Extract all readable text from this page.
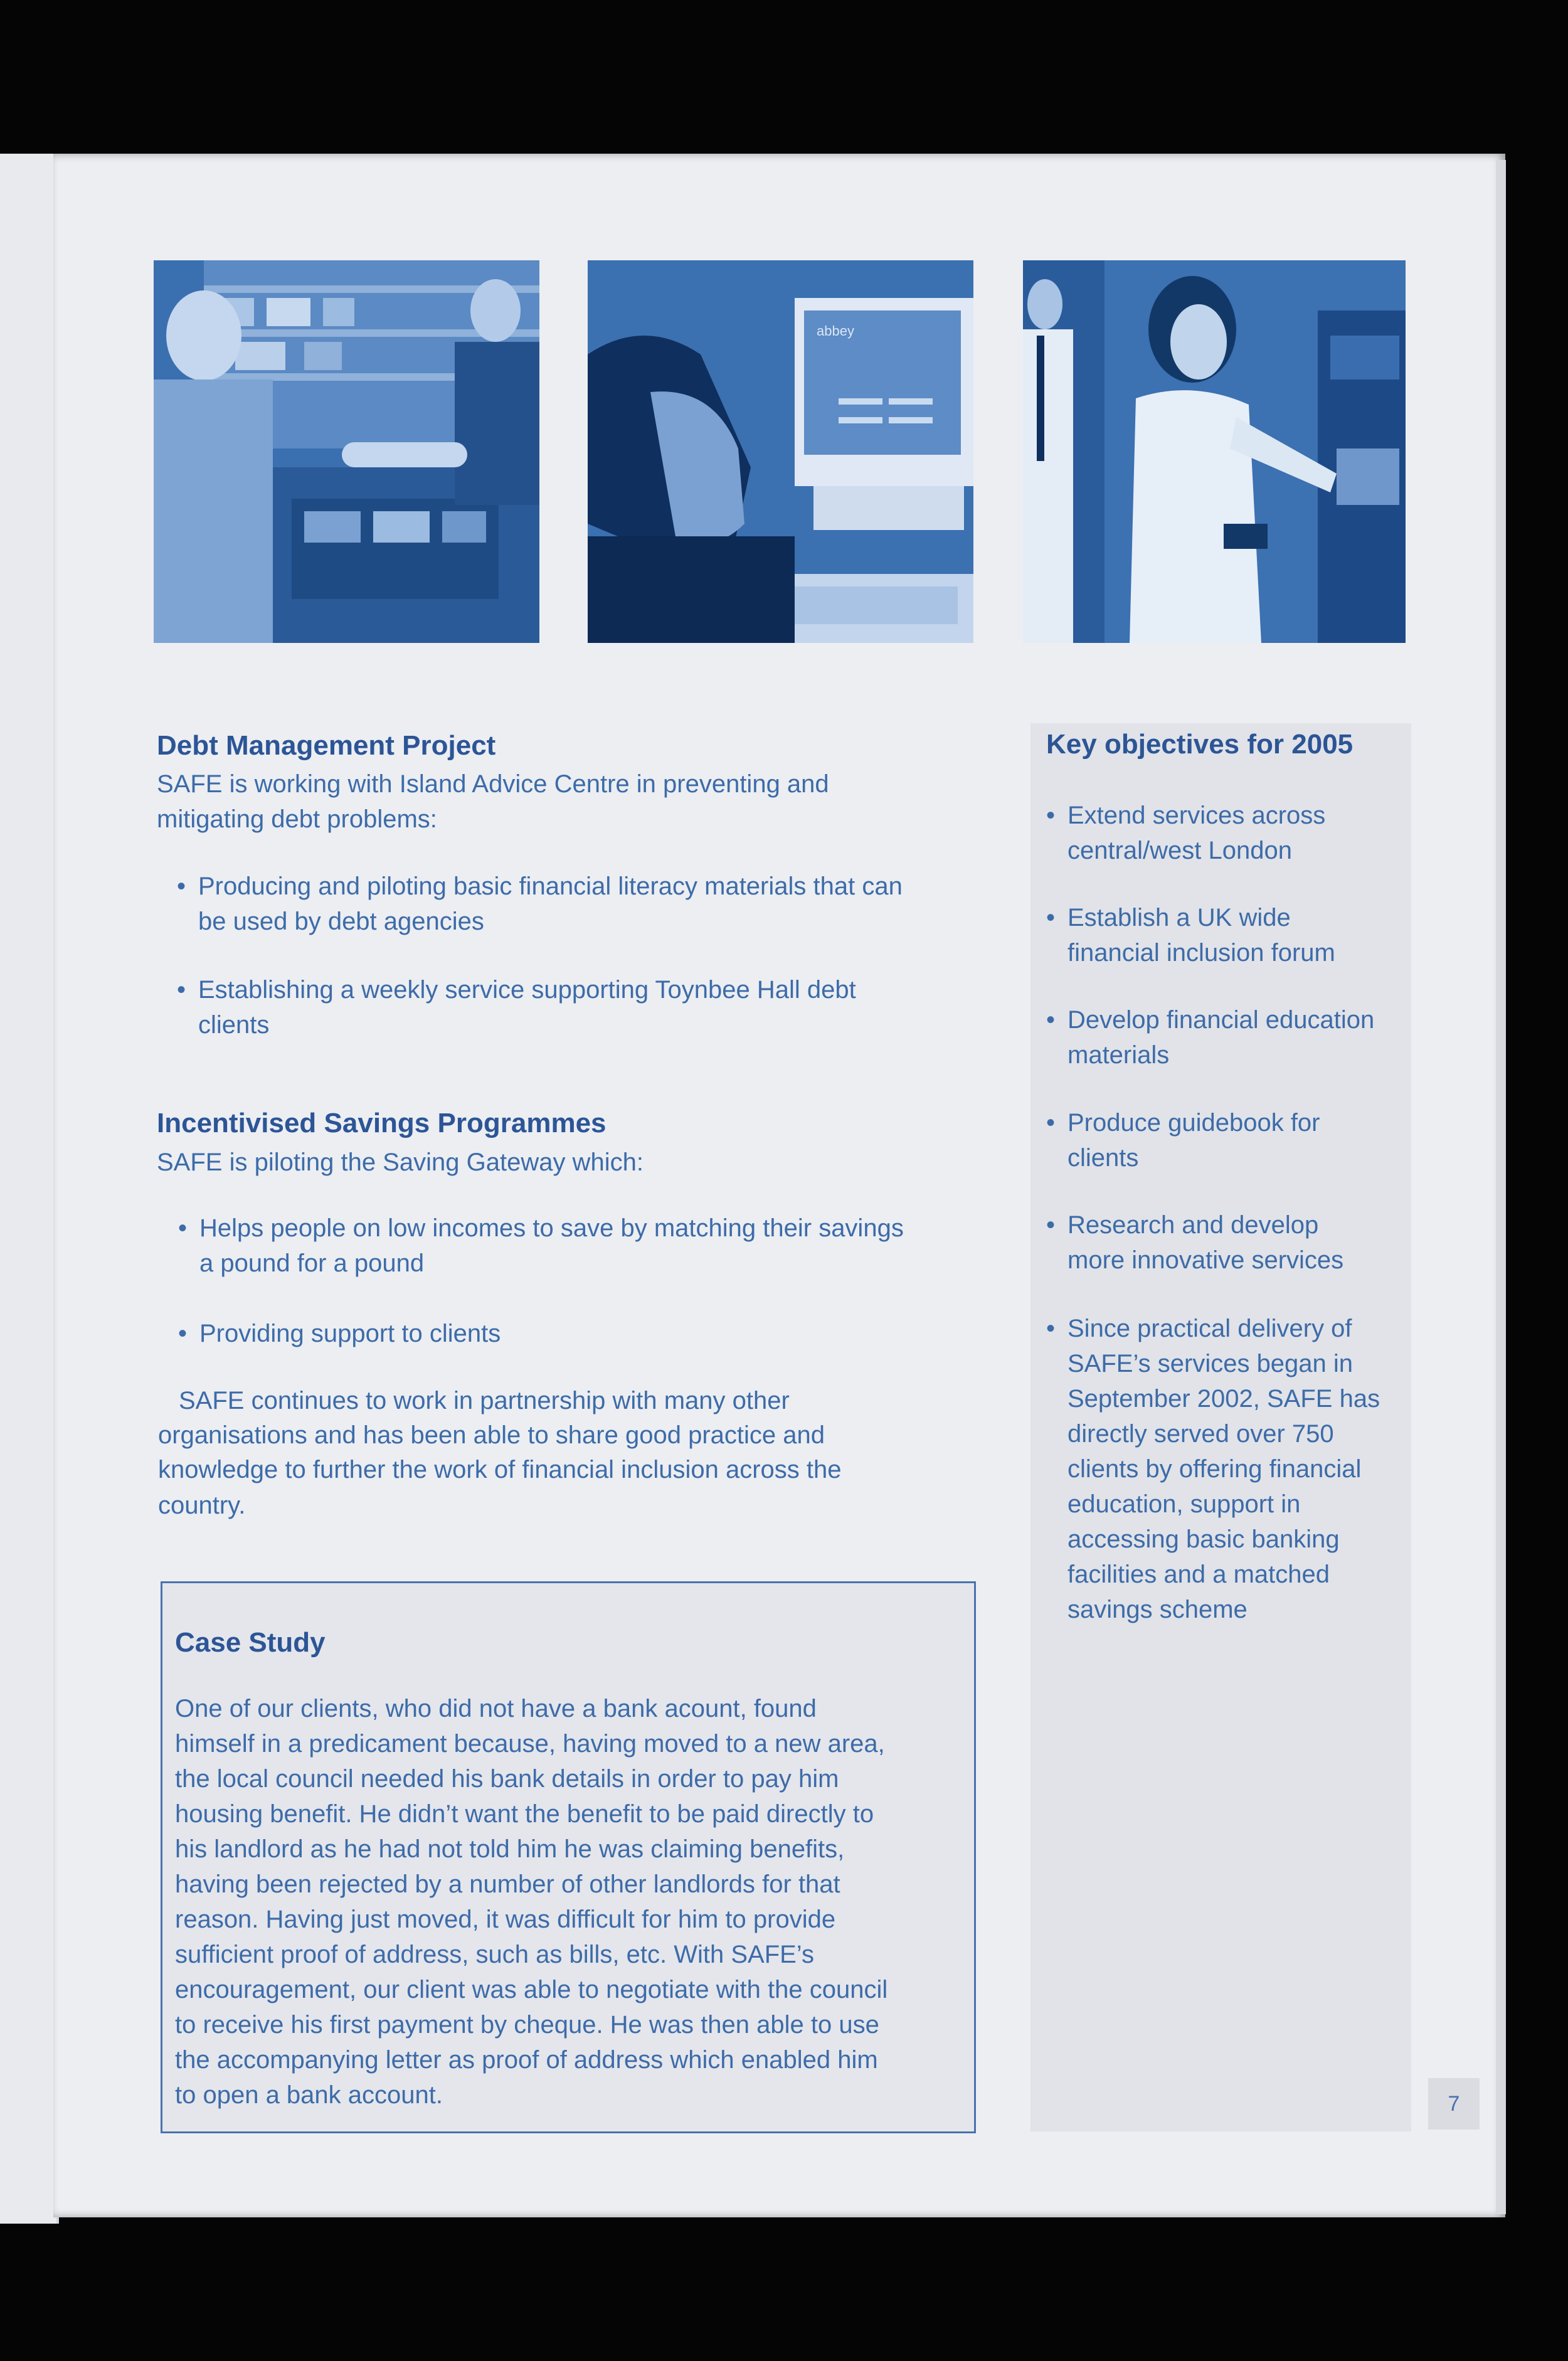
abbey
Debt Management Project

SAFE is working with Island Advice Centre in preventing and

mitigating debt problems:

• Producing and piloting basic financial literacy materials that can
be used by debt agencies
• Establishing a weekly service supporting Toynbee Hall debt
clients
Incentivised Savings Programmes

SAFE is piloting the Saving Gateway which:

• Helps people on low incomes to save by matching their savings
a pound for a pound
• Providing support to clients

SAFE continues to work in partnership with many other

organisations and has been able to share good practice and

knowledge to further the work of financial inclusion across the

country.

Case Study
One of our clients, who did not have a bank acount, found
himself in a predicament because, having moved to a new area,
the local council needed his bank details in order to pay him
housing benefit. He didn’t want the benefit to be paid directly to
his landlord as he had not told him he was claiming benefits,
having been rejected by a number of other landlords for that
reason. Having just moved, it was difficult for him to provide
sufficient proof of address, such as bills, etc. With SAFE’s
encouragement, our client was able to negotiate with the council
to receive his first payment by cheque. He was then able to use
the accompanying letter as proof of address which enabled him
to open a bank account.
Key objectives for 2005
• Extend services across
central/west London
• Establish a UK wide
financial inclusion forum
• Develop financial education
materials
• Produce guidebook for
clients
• Research and develop
more innovative services
• Since practical delivery of
SAFE’s services began in
September 2002, SAFE has
directly served over 750
clients by offering financial
education, support in
accessing basic banking
facilities and a matched
savings scheme
7
